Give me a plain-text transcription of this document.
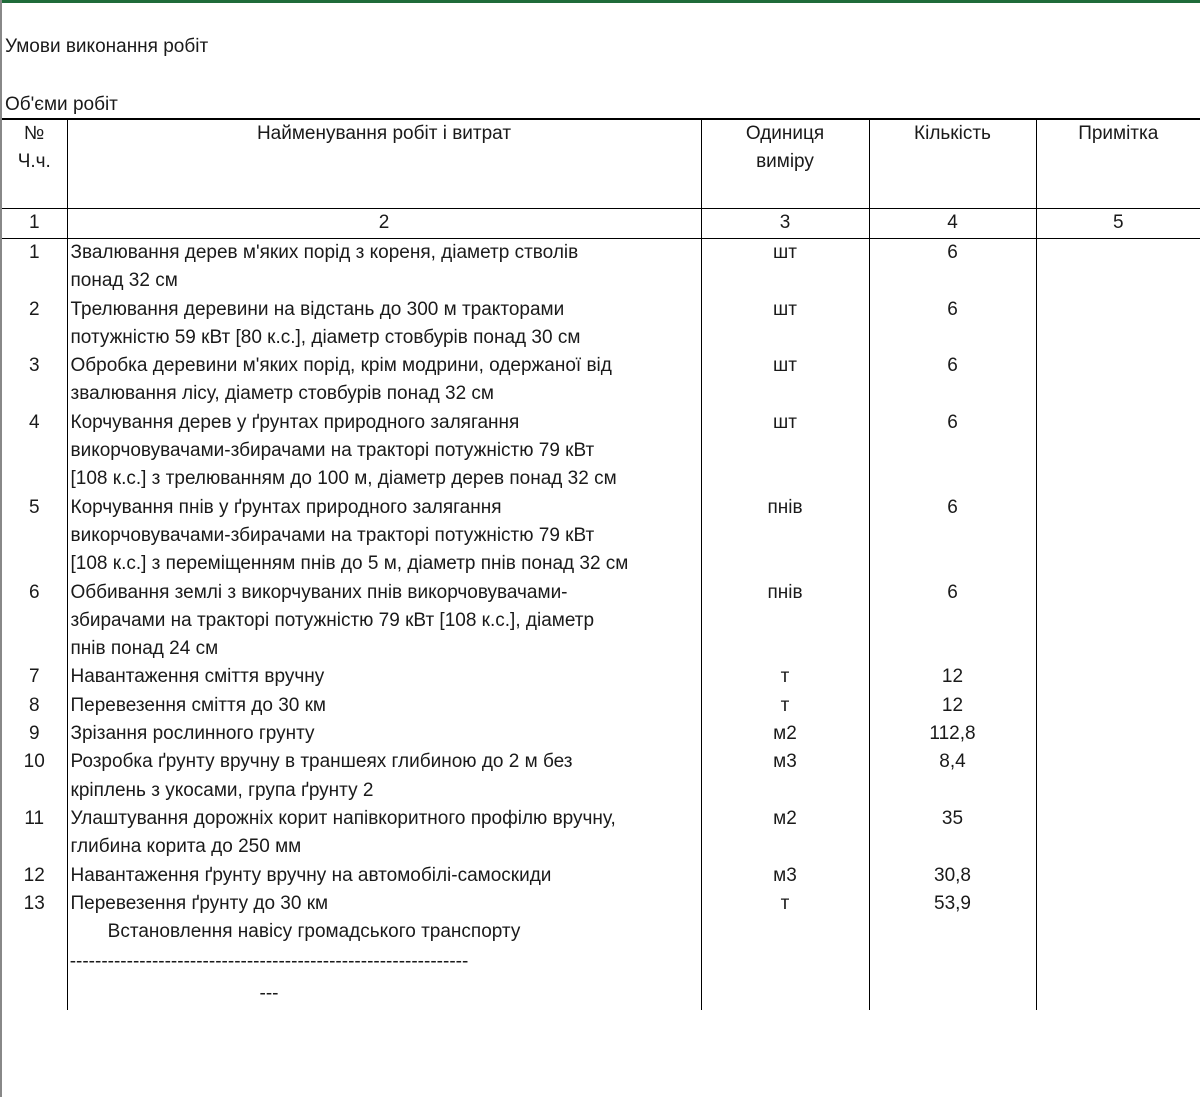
Умови виконання робіт
Об'єми робіт
№ Ч.ч.	Найменування робіт і витрат	Одиниця виміру	Кількість	Примітка
1	2	3	4	5
1	Звалювання дерев м'яких порід з кореня, діаметр стволів понад 32 см	шт	6	
2	Трелювання деревини на відстань до 300 м тракторами потужністю 59 кВт [80 к.с.], діаметр стовбурів понад 30 см	шт	6	
3	Обробка деревини м'яких порід, крім модрини, одержаної від звалювання лісу, діаметр стовбурів понад 32 см	шт	6	
4	Корчування дерев у ґрунтах природного залягання викорчовувачами-збирачами на тракторі потужністю 79 кВт [108 к.с.] з трелюванням до 100 м, діаметр дерев понад 32 см	шт	6	
5	Корчування пнів у ґрунтах природного залягання викорчовувачами-збирачами на тракторі потужністю 79 кВт [108 к.с.] з переміщенням пнів до 5 м, діаметр пнів понад 32 см	пнів	6	
6	Оббивання землі з викорчуваних пнів викорчовувачами-збирачами на тракторі потужністю 79 кВт [108 к.с.], діаметр пнів понад 24 см	пнів	6	
7	Навантаження сміття вручну	т	12	
8	Перевезення сміття до 30 км	т	12	
9	Зрізання рослинного грунту	м2	112,8	
10	Розробка ґрунту вручну в траншеях глибиною до 2 м без кріплень з укосами, група ґрунту 2	м3	8,4	
11	Улаштування дорожніх корит напівкоритного профілю вручну, глибина корита до 250 мм	м2	35	
12	Навантаження ґрунту вручну на автомобілі-самоскиди	м3	30,8	
13	Перевезення ґрунту до 30 км	т	53,9	
	Встановлення навісу громадського транспорту			
	------------------------------------------------------------------			
